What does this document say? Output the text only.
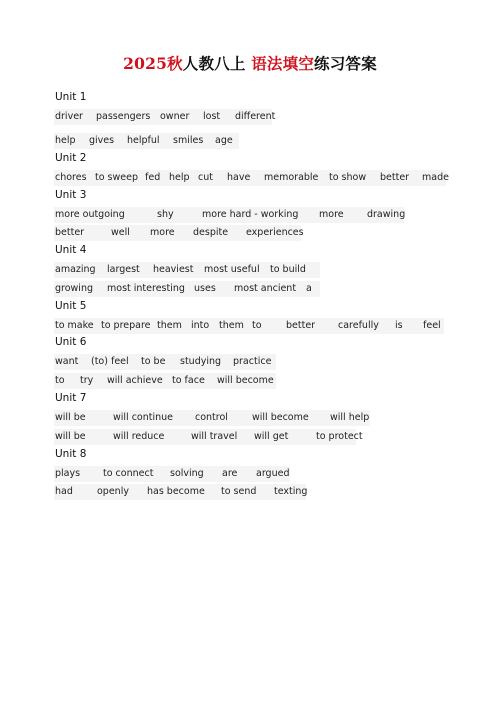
2025秋人教八上 语法填空练习答案
Unit 1
driver passengers owner lost different
help gives helpful smiles age
Unit 2
chores to sweep fed help cut have memorable to show better made
Unit 3
more outgoing	shy	more hard - working more drawing
better	well more despite experiences
Unit 4
amazing largest heaviest most useful to build
growing most interesting uses most ancient a
Unit 5
to make to prepare them into them to	better carefully is feel
Unit 6
want (to) feel to be studying practice
to try will achieve to face will become
Unit 7
will be	will continue control	will become will help
will be	will reduce	will travel will get	to protect
Unit 8
plays to connect solving are argued
had	openly has become to send texting
